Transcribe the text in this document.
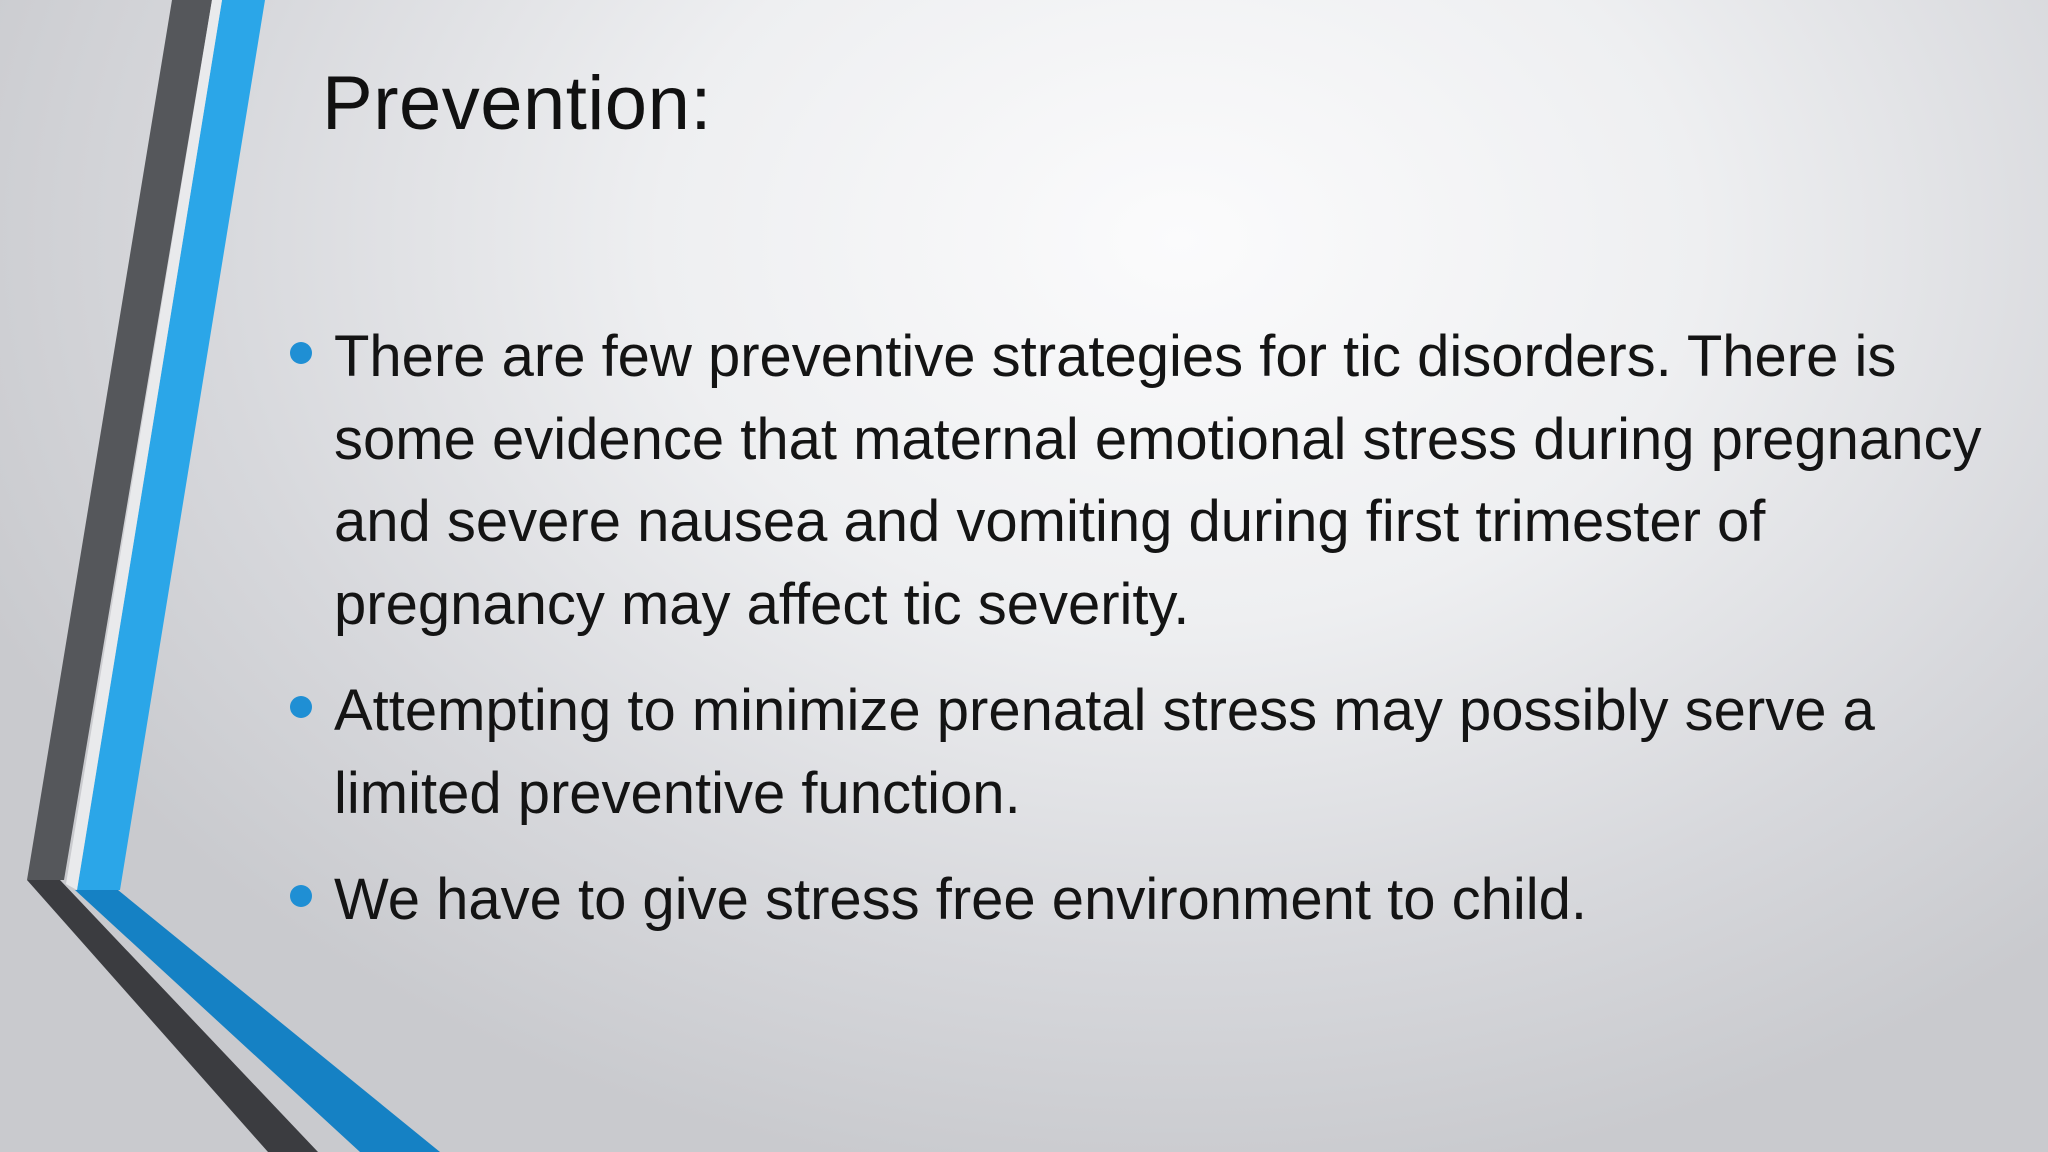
Prevention:
There are few preventive strategies for tic disorders. There is some evidence that maternal emotional stress during pregnancy and severe nausea and vomiting during first trimester of pregnancy may affect tic severity.
Attempting to minimize prenatal stress may possibly serve a limited preventive function.
We have to give stress free environment to child.
